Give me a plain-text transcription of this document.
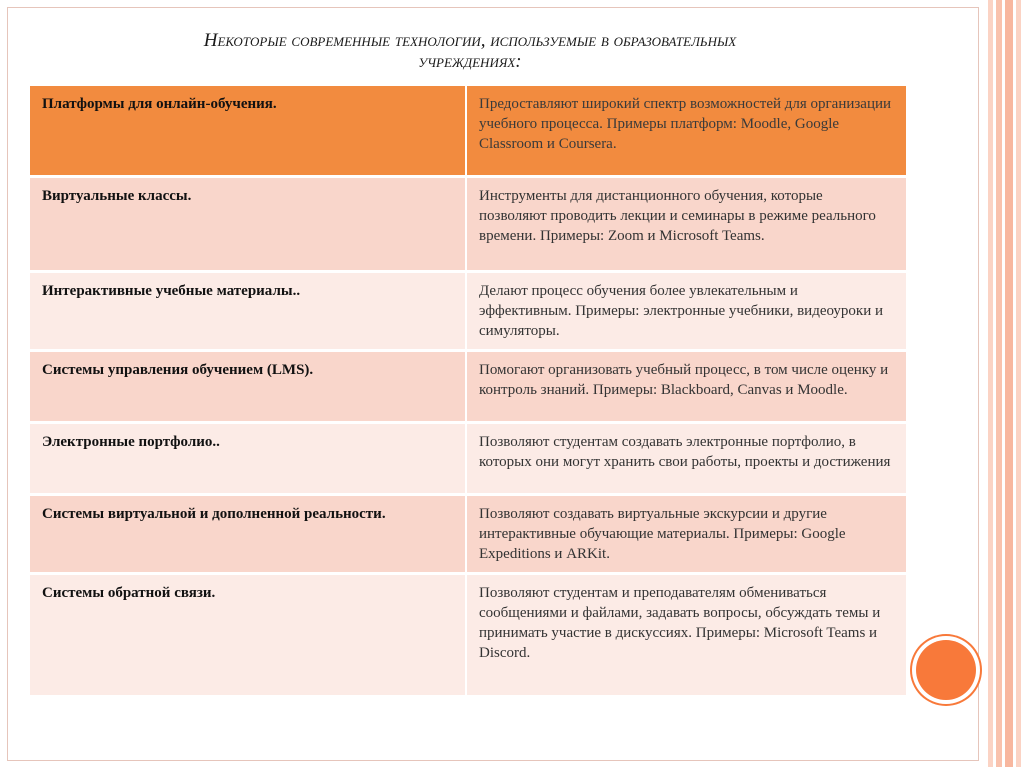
Некоторые современные технологии, используемые в образовательных
учреждениях:
Платформы для онлайн-обучения.	Предоставляют широкий спектр возможностей для организации учебного процесса. Примеры платформ: Moodle, Google Classroom и Coursera.
Виртуальные классы.	Инструменты для дистанционного обучения, которые позволяют проводить лекции и семинары в режиме реального времени. Примеры: Zoom и Microsoft Teams.
Интерактивные учебные материалы..	Делают процесс обучения более увлекательным и эффективным. Примеры: электронные учебники, видеоуроки и симуляторы.
Системы управления обучением (LMS).	Помогают организовать учебный процесс, в том числе оценку и контроль знаний. Примеры: Blackboard, Canvas и Moodle.
Электронные портфолио..	Позволяют студентам создавать электронные портфолио, в которых они могут хранить свои работы, проекты и достижения
Системы виртуальной и дополненной реальности.	Позволяют создавать виртуальные экскурсии и другие интерактивные обучающие материалы. Примеры: Google Expeditions и ARKit.
Системы обратной связи.	Позволяют студентам и преподавателям обмениваться сообщениями и файлами, задавать вопросы, обсуждать темы и принимать участие в дискуссиях. Примеры: Microsoft Teams и Discord.
